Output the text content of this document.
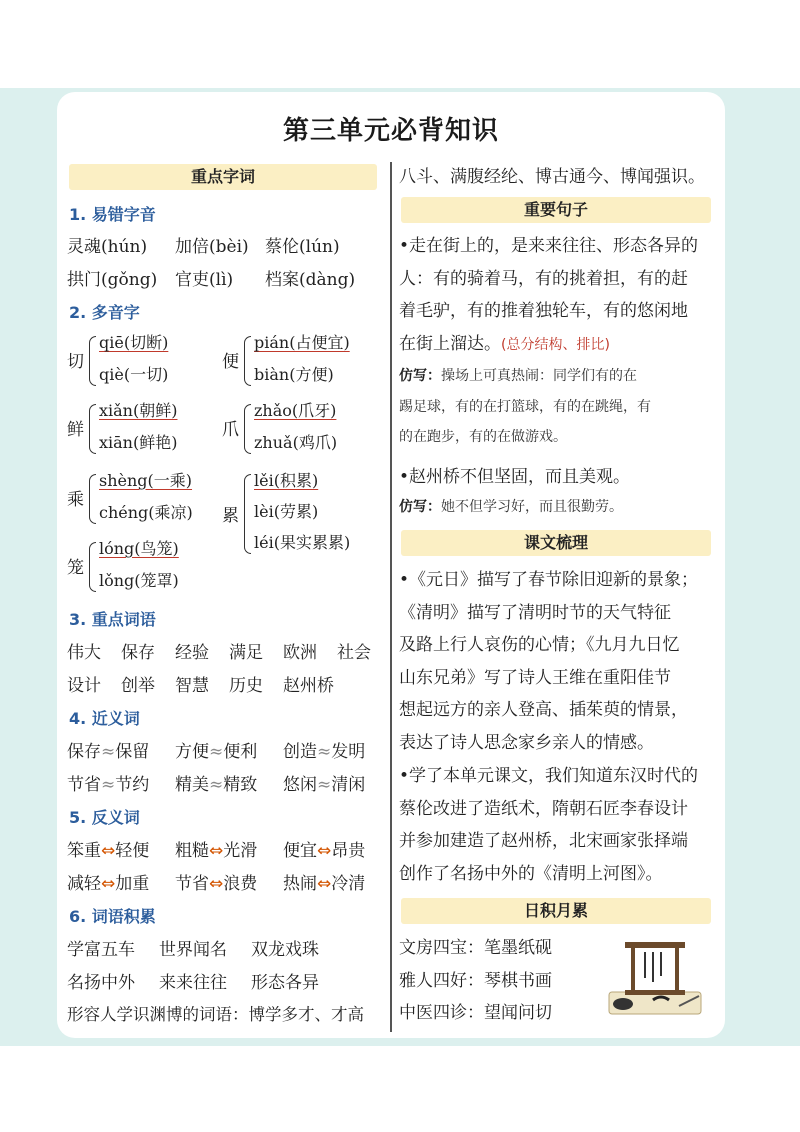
第三单元必背知识
重点字词
1. 易错字音
灵魂(hún) 加倍(bèi) 蔡伦(lún)
拱门(gǒng) 官吏(lì) 档案(dàng)
2. 多音字
切
qiē(切断)
qiè(一切)
便
pián(占便宜)
biàn(方便)
鲜
xiǎn(朝鲜)
xiān(鲜艳)
爪
zhǎo(爪牙)
zhuǎ(鸡爪)
乘
shèng(一乘)
chéng(乘凉) 累
lěi(积累)
lèi(劳累)
léi(果实累累)
笼
lóng(鸟笼)
lǒng(笼罩)
3. 重点词语
伟大 保存 经验 满足 欧洲 社会
设计 创举 智慧 历史 赵州桥
4. 近义词
保存≈保留 方便≈便利 创造≈发明
节省≈节约 精美≈精致 悠闲≈清闲
5. 反义词
笨重⇔轻便 粗糙⇔光滑 便宜⇔昂贵
减轻⇔加重 节省⇔浪费 热闹⇔冷清
6. 词语积累
学富五车 世界闻名 双龙戏珠
名扬中外 来来往往 形态各异
形容人学识渊博的词语：博学多才、才高
八斗、满腹经纶、博古通今、博闻强识。
重要句子
•走在街上的，是来来往往、形态各异的
人：有的骑着马，有的挑着担，有的赶
着毛驴，有的推着独轮车，有的悠闲地
在街上溜达。(总分结构、排比)
仿写：操场上可真热闹：同学们有的在
踢足球，有的在打篮球，有的在跳绳，有
的在跑步，有的在做游戏。
•赵州桥不但坚固，而且美观。
仿写：她不但学习好，而且很勤劳。
课文梳理
•《元日》描写了春节除旧迎新的景象；
《清明》描写了清明时节的天气特征
及路上行人哀伤的心情；《九月九日忆
山东兄弟》写了诗人王维在重阳佳节
想起远方的亲人登高、插茱萸的情景，
表达了诗人思念家乡亲人的情感。
•学了本单元课文，我们知道东汉时代的
蔡伦改进了造纸术，隋朝石匠李春设计
并参加建造了赵州桥，北宋画家张择端
创作了名扬中外的《清明上河图》。
日积月累
文房四宝：笔墨纸砚
雅人四好：琴棋书画
中医四诊：望闻问切
